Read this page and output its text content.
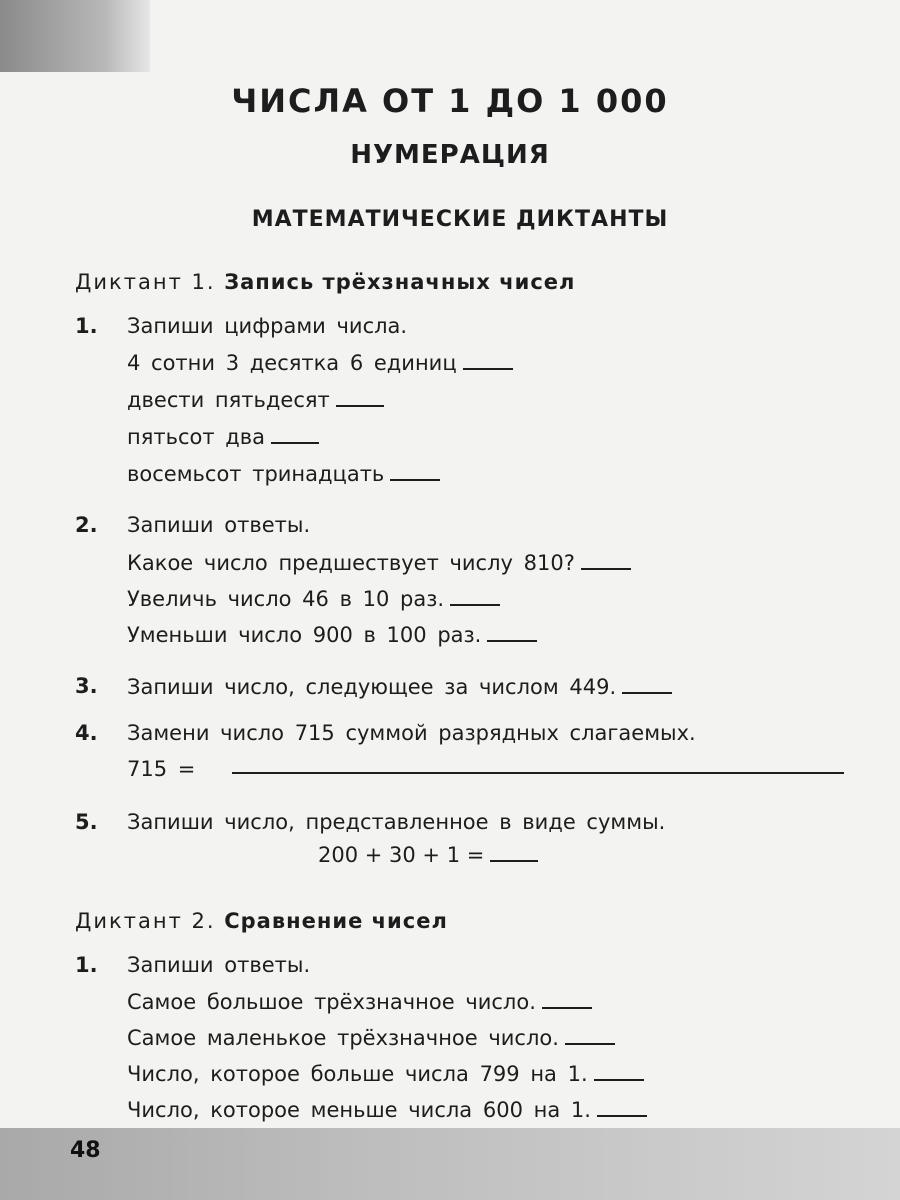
ЧИСЛА ОТ 1 ДО 1 000
НУМЕРАЦИЯ
МАТЕМАТИЧЕСКИЕ ДИКТАНТЫ
Диктант 1. Запись трёхзначных чисел
1. Запиши цифрами числа.
4 сотни 3 десятка 6 единиц
двести пятьдесят
пятьсот два
восемьсот тринадцать
2. Запиши ответы.
Какое число предшествует числу 810?
Увеличь число 46 в 10 раз.
Уменьши число 900 в 100 раз.
3. Запиши число, следующее за числом 449.
4. Замени число 715 суммой разрядных слагаемых.
715 =
5. Запиши число, представленное в виде суммы.
200 + 30 + 1 =
Диктант 2. Сравнение чисел
1. Запиши ответы.
Самое большое трёхзначное число.
Самое маленькое трёхзначное число.
Число, которое больше числа 799 на 1.
Число, которое меньше числа 600 на 1.
48
